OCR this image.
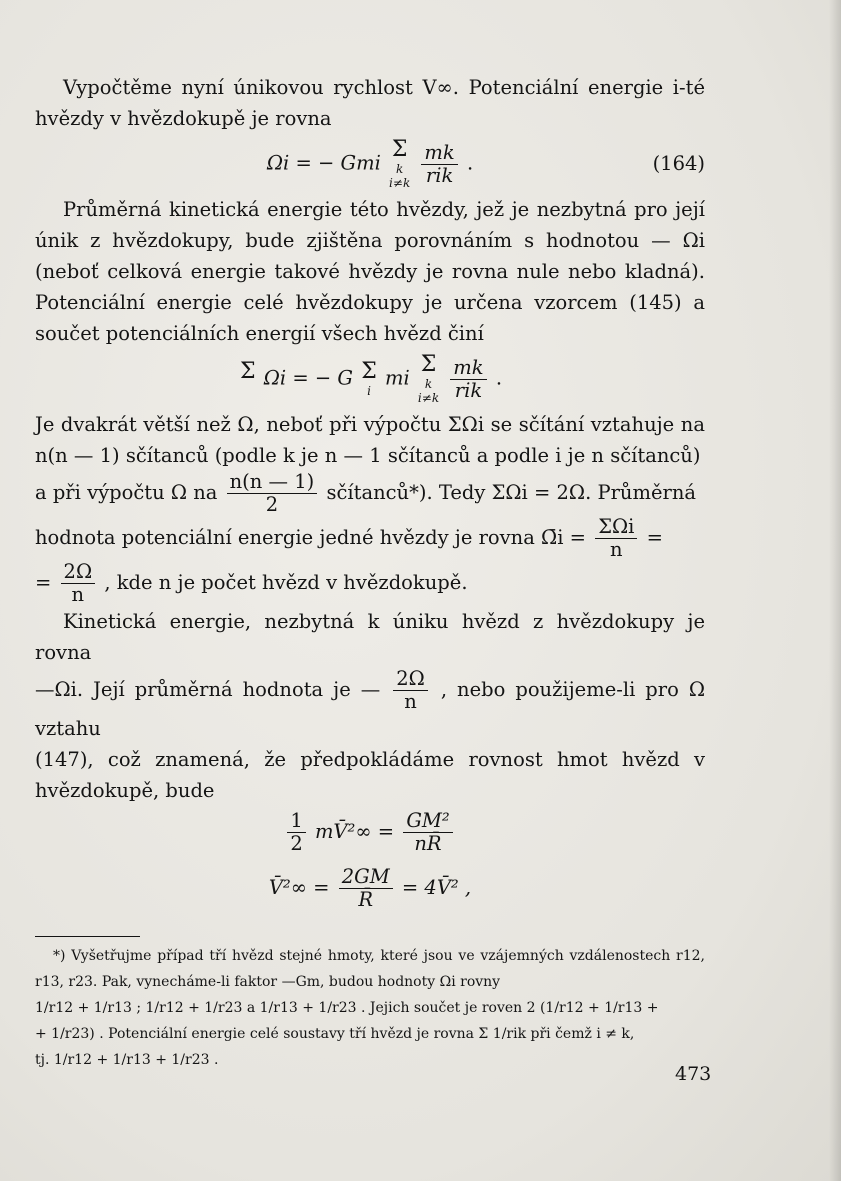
Vypočtěme nyní únikovou rychlost V∞. Potenciální energie i-té hvězdy v hvězdokupě je rovna

Ωi = − Gmi
Σ
k
i≠k
$\frac{mk}{\text{rik}}$ .	(164)

Průměrná kinetická energie této hvězdy, jež je nezbytná pro její únik z hvězdokupy, bude zjištěna porovnáním s hodnotou — Ωi (neboť celková energie takové hvězdy je rovna nule nebo kladná). Potenciální energie celé hvězdokupy je určena vzorcem (145) a součet potenciálních energií všech hvězd činí

Σ
Ωi = − G Σ
i
mi
Σ
k
i≠k
$\frac{mk}{\text{rik}}$ .

Je dvakrát větší než Ω, neboť při výpočtu ΣΩi se sčítání vztahuje na n(n — 1) sčítanců (podle k je n — 1 sčítanců a podle i je n sčítanců)

a při výpočtu Ω na $\frac{n(n — 1)}{2}$ sčítanců*). Tedy ΣΩi = 2Ω. Průměrná

hodnota potenciální energie jedné hvězdy je rovna Ω̄i = $\frac{\text{ΣΩi}}{n}$ =

= $\frac{2\Omega}{n}$ , kde n je počet hvězd v hvězdokupě.

Kinetická energie, nezbytná k úniku hvězd z hvězdokupy je rovna

—Ωi. Její průměrná hodnota je — $\frac{2\Omega}{n}$ , nebo použijeme-li pro Ω vztahu

(147), což znamená, že předpokládáme rovnost hmot hvězd v hvězdokupě, bude

$\frac{1}{2}$ mV̄²∞ = $\frac{\text{GM²}}{nR̄}$
V̄²∞ = $\frac{2GM}{R̄}$ = 4V̄² ,

*) Vyšetřujme případ tří hvězd stejné hmoty, které jsou ve vzájemných vzdálenostech r12, r13, r23. Pak, vynecháme-li faktor —Gm, budou hodnoty Ωi rovny

1/r12 + 1/r13 ; 1/r12 + 1/r23 a 1/r13 + 1/r23 . Jejich součet je roven 2 (1/r12 + 1/r13 +

+ 1/r23) . Potenciální energie celé soustavy tří hvězd je rovna Σ 1/rik při čemž i ≠ k,

tj. 1/r12 + 1/r13 + 1/r23 .

473
